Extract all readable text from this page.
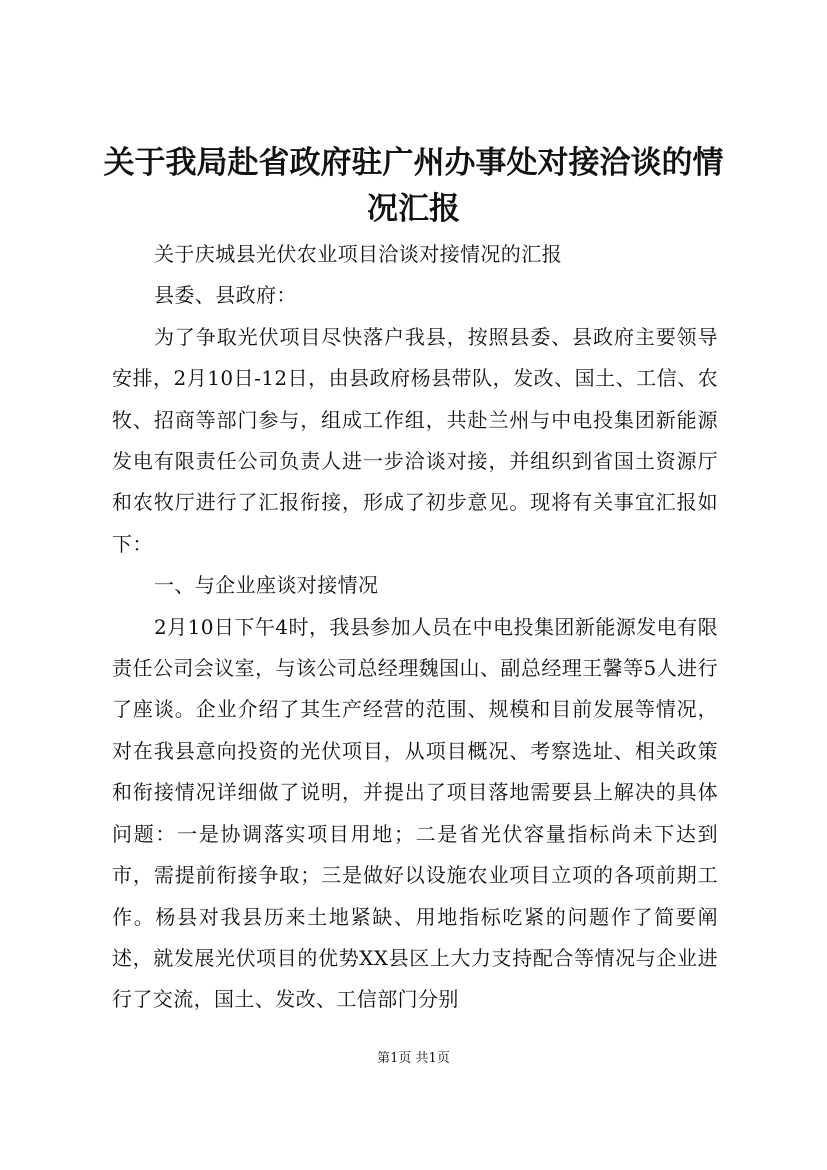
关于我局赴省政府驻广州办事处对接洽谈的情况汇报

关于庆城县光伏农业项目洽谈对接情况的汇报

县委、县政府：

为了争取光伏项目尽快落户我县，按照县委、县政府主要领导安排，2月10日-12日，由县政府杨县带队，发改、国土、工信、农牧、招商等部门参与，组成工作组，共赴兰州与中电投集团新能源发电有限责任公司负责人进一步洽谈对接，并组织到省国土资源厅和农牧厅进行了汇报衔接，形成了初步意见。现将有关事宜汇报如下：

一、与企业座谈对接情况

2月10日下午4时，我县参加人员在中电投集团新能源发电有限责任公司会议室，与该公司总经理魏国山、副总经理王馨等5人进行了座谈。企业介绍了其生产经营的范围、规模和目前发展等情况，对在我县意向投资的光伏项目，从项目概况、考察选址、相关政策和衔接情况详细做了说明，并提出了项目落地需要县上解决的具体问题：一是协调落实项目用地；二是省光伏容量指标尚未下达到市，需提前衔接争取；三是做好以设施农业项目立项的各项前期工作。杨县对我县历来土地紧缺、用地指标吃紧的问题作了简要阐述，就发展光伏项目的优势XX县区上大力支持配合等情况与企业进行了交流，国土、发改、工信部门分别

第1页 共1页
